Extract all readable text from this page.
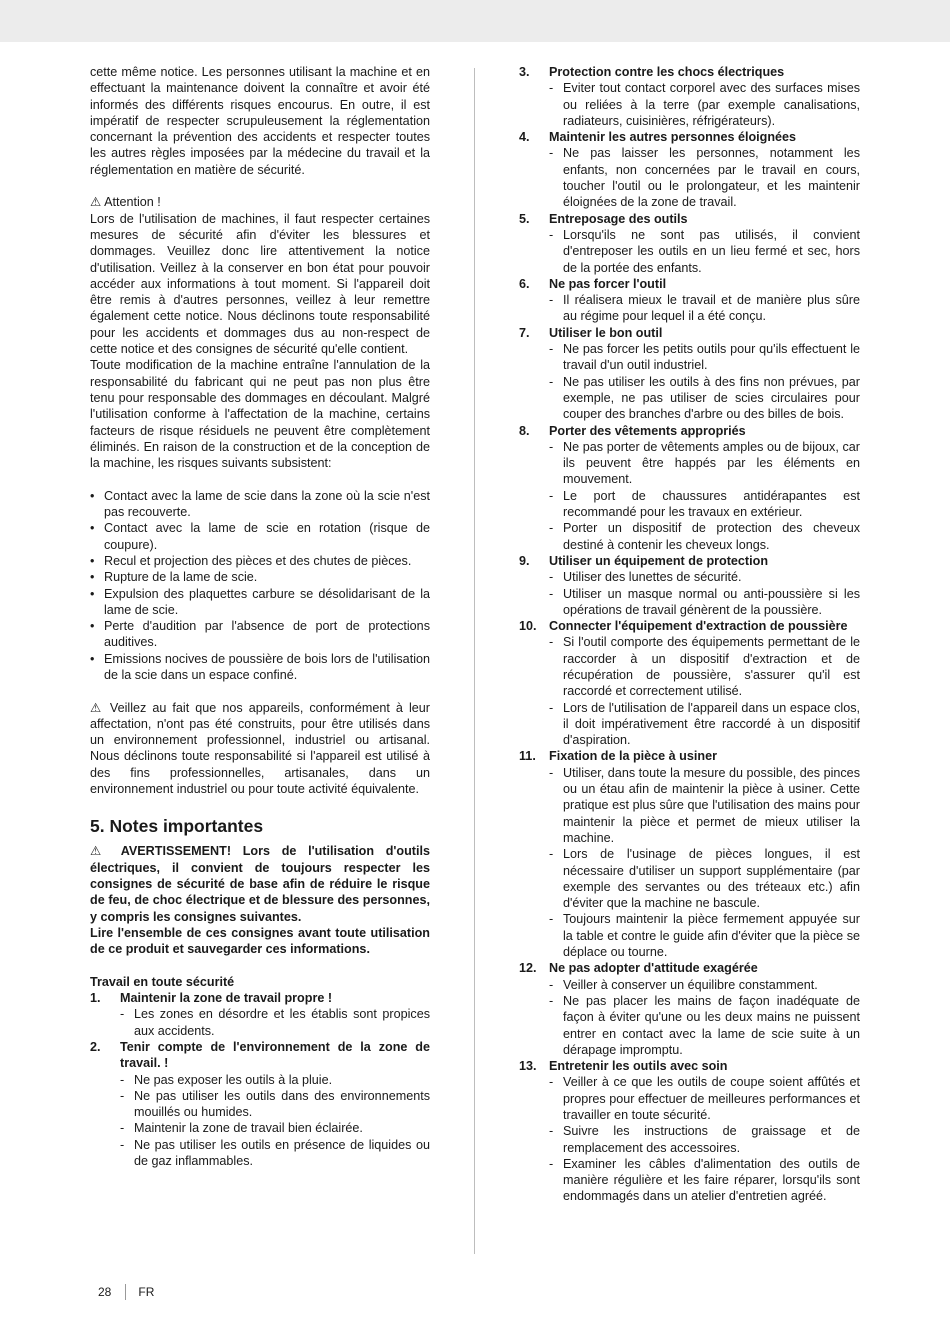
cette même notice. Les personnes utilisant la machine et en effectuant la maintenance doivent la connaître et avoir été informés des différents risques encourus. En outre, il est impératif de respecter scrupuleusement la réglementation concernant la prévention des accidents et respecter toutes les autres règles imposées par la médecine du travail et la réglementation en matière de sécurité.

⚠ Attention !

Lors de l'utilisation de machines, il faut respecter certaines mesures de sécurité afin d'éviter les blessures et dommages. Veuillez donc lire attentivement la notice d'utilisation. Veillez à la conserver en bon état pour pouvoir accéder aux informations à tout moment. Si l'appareil doit être remis à d'autres personnes, veillez à leur remettre également cette notice. Nous déclinons toute responsabilité pour les accidents et dommages dus au non-respect de cette notice et des consignes de sécurité qu'elle contient.

Toute modification de la machine entraîne l'annulation de la responsabilité du fabricant qui ne peut pas non plus être tenu pour responsable des dommages en découlant. Malgré l'utilisation conforme à l'affectation de la machine, certains facteurs de risque résiduels ne peuvent être complètement éliminés. En raison de la construction et de la conception de la machine, les risques suivants subsistent:

• Contact avec la lame de scie dans la zone où la scie n'est pas recouverte.
• Contact avec la lame de scie en rotation (risque de coupure).
• Recul et projection des pièces et des chutes de pièces.
• Rupture de la lame de scie.
• Expulsion des plaquettes carbure se désolidarisant de la lame de scie.
• Perte d'audition par l'absence de port de protections auditives.
• Emissions nocives de poussière de bois lors de l'utilisation de la scie dans un espace confiné.

⚠ Veillez au fait que nos appareils, conformément à leur affectation, n'ont pas été construits, pour être utilisés dans un environnement professionnel, industriel ou artisanal. Nous déclinons toute responsabilité si l'appareil est utilisé à des fins professionnelles, artisanales, dans un environnement industriel ou pour toute activité équivalente.

5. Notes importantes

⚠ AVERTISSEMENT! Lors de l'utilisation d'outils électriques, il convient de toujours respecter les consignes de sécurité de base afin de réduire le risque de feu, de choc électrique et de blessure des personnes, y compris les consignes suivantes.

Lire l'ensemble de ces consignes avant toute utilisation de ce produit et sauvegarder ces informations.

Travail en toute sécurité

1. Maintenir la zone de travail propre !
- Les zones en désordre et les établis sont propices aux accidents.
2. Tenir compte de l'environnement de la zone de travail. !
- Ne pas exposer les outils à la pluie.
- Ne pas utiliser les outils dans des environnements mouillés ou humides.
- Maintenir la zone de travail bien éclairée.
- Ne pas utiliser les outils en présence de liquides ou de gaz inflammables.
3. Protection contre les chocs électriques
- Eviter tout contact corporel avec des surfaces mises ou reliées à la terre (par exemple canalisations, radiateurs, cuisinières, réfrigérateurs).
4. Maintenir les autres personnes éloignées
- Ne pas laisser les personnes, notamment les enfants, non concernées par le travail en cours, toucher l'outil ou le prolongateur, et les maintenir éloignées de la zone de travail.
5. Entreposage des outils
- Lorsqu'ils ne sont pas utilisés, il convient d'entreposer les outils en un lieu fermé et sec, hors de la portée des enfants.
6. Ne pas forcer l'outil
- Il réalisera mieux le travail et de manière plus sûre au régime pour lequel il a été conçu.
7. Utiliser le bon outil
- Ne pas forcer les petits outils pour qu'ils effectuent le travail d'un outil industriel.
- Ne pas utiliser les outils à des fins non prévues, par exemple, ne pas utiliser de scies circulaires pour couper des branches d'arbre ou des billes de bois.
8. Porter des vêtements appropriés
- Ne pas porter de vêtements amples ou de bijoux, car ils peuvent être happés par les éléments en mouvement.
- Le port de chaussures antidérapantes est recommandé pour les travaux en extérieur.
- Porter un dispositif de protection des cheveux destiné à contenir les cheveux longs.
9. Utiliser un équipement de protection
- Utiliser des lunettes de sécurité.
- Utiliser un masque normal ou anti-poussière si les opérations de travail génèrent de la poussière.
10. Connecter l'équipement d'extraction de poussière
- Si l'outil comporte des équipements permettant de le raccorder à un dispositif d'extraction et de récupération de poussière, s'assurer qu'il est raccordé et correctement utilisé.
- Lors de l'utilisation de l'appareil dans un espace clos, il doit impérativement être raccordé à un dispositif d'aspiration.
11. Fixation de la pièce à usiner
- Utiliser, dans toute la mesure du possible, des pinces ou un étau afin de maintenir la pièce à usiner. Cette pratique est plus sûre que l'utilisation des mains pour maintenir la pièce et permet de mieux utiliser la machine.
- Lors de l'usinage de pièces longues, il est nécessaire d'utiliser un support supplémentaire (par exemple des servantes ou des tréteaux etc.) afin d'éviter que la machine ne bascule.
- Toujours maintenir la pièce fermement appuyée sur la table et contre le guide afin d'éviter que la pièce se déplace ou tourne.
12. Ne pas adopter d'attitude exagérée
- Veiller à conserver un équilibre constamment.
- Ne pas placer les mains de façon inadéquate de façon à éviter qu'une ou les deux mains ne puissent entrer en contact avec la lame de scie suite à un dérapage impromptu.
13. Entretenir les outils avec soin
- Veiller à ce que les outils de coupe soient affûtés et propres pour effectuer de meilleures performances et travailler en toute sécurité.
- Suivre les instructions de graissage et de remplacement des accessoires.
- Examiner les câbles d'alimentation des outils de manière régulière et les faire réparer, lorsqu'ils sont endommagés dans un atelier d'entretien agréé.
28 FR
